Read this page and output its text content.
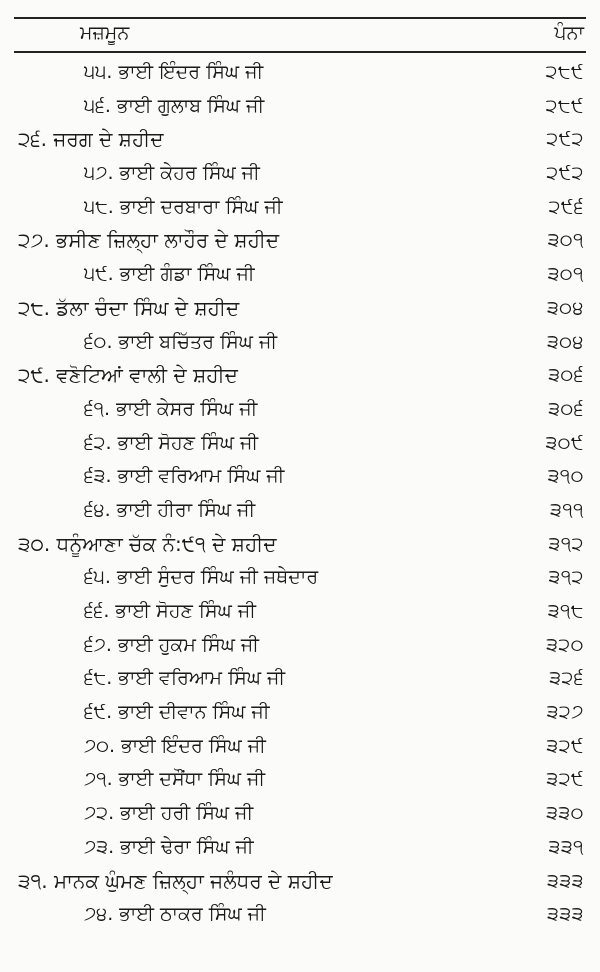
ਮਜ਼ਮੂਨ	ਪੰਨਾ
੫੫. ਭਾਈ ਇੰਦਰ ਸਿੰਘ ਜੀ	੨੮੯
੫੬. ਭਾਈ ਗੁਲਾਬ ਸਿੰਘ ਜੀ	੨੮੯
੨੬. ਜਰਗ ਦੇ ਸ਼ਹੀਦ	੨੯੨
੫੭. ਭਾਈ ਕੇਹਰ ਸਿੰਘ ਜੀ	੨੯੨
੫੮. ਭਾਈ ਦਰਬਾਰਾ ਸਿੰਘ ਜੀ	੨੯੬
੨੭. ਭਸੀਣ ਜ਼ਿਲ੍ਹਾ ਲਾਹੌਰ ਦੇ ਸ਼ਹੀਦ	੩੦੧
੫੯. ਭਾਈ ਗੰਡਾ ਸਿੰਘ ਜੀ	੩੦੧
੨੮. ਡੱਲਾ ਚੰਦਾ ਸਿੰਘ ਦੇ ਸ਼ਹੀਦ	੩੦੪
੬੦. ਭਾਈ ਬਚਿੱਤਰ ਸਿੰਘ ਜੀ	੩੦੪
੨੯. ਵਣੋਟਿਆਂ ਵਾਲੀ ਦੇ ਸ਼ਹੀਦ	੩੦੬
੬੧. ਭਾਈ ਕੇਸਰ ਸਿੰਘ ਜੀ	੩੦੬
੬੨. ਭਾਈ ਸੋਹਣ ਸਿੰਘ ਜੀ	੩੦੯
੬੩. ਭਾਈ ਵਰਿਆਮ ਸਿੰਘ ਜੀ	੩੧੦
੬੪. ਭਾਈ ਹੀਰਾ ਸਿੰਘ ਜੀ	੩੧੧
੩੦. ਧਨੂੰਆਣਾ ਚੱਕ ਨੰ:੯੧ ਦੇ ਸ਼ਹੀਦ	੩੧੨
੬੫. ਭਾਈ ਸੁੰਦਰ ਸਿੰਘ ਜੀ ਜਥੇਦਾਰ	੩੧੨
੬੬. ਭਾਈ ਸੋਹਣ ਸਿੰਘ ਜੀ	੩੧੮
੬੭. ਭਾਈ ਹੁਕਮ ਸਿੰਘ ਜੀ	੩੨੦
੬੮. ਭਾਈ ਵਰਿਆਮ ਸਿੰਘ ਜੀ	੩੨੬
੬੯. ਭਾਈ ਦੀਵਾਨ ਸਿੰਘ ਜੀ	੩੨੭
੭੦. ਭਾਈ ਇੰਦਰ ਸਿੰਘ ਜੀ	੩੨੯
੭੧. ਭਾਈ ਦਸੌਂਧਾ ਸਿੰਘ ਜੀ	੩੨੯
੭੨. ਭਾਈ ਹਰੀ ਸਿੰਘ ਜੀ	੩੩੦
੭੩. ਭਾਈ ਢੇਰਾ ਸਿੰਘ ਜੀ	੩੩੧
੩੧. ਮਾਨਕ ਘੁੰਮਣ ਜ਼ਿਲ੍ਹਾ ਜਲੰਧਰ ਦੇ ਸ਼ਹੀਦ	੩੩੩
੭੪. ਭਾਈ ਠਾਕਰ ਸਿੰਘ ਜੀ	੩੩੩
